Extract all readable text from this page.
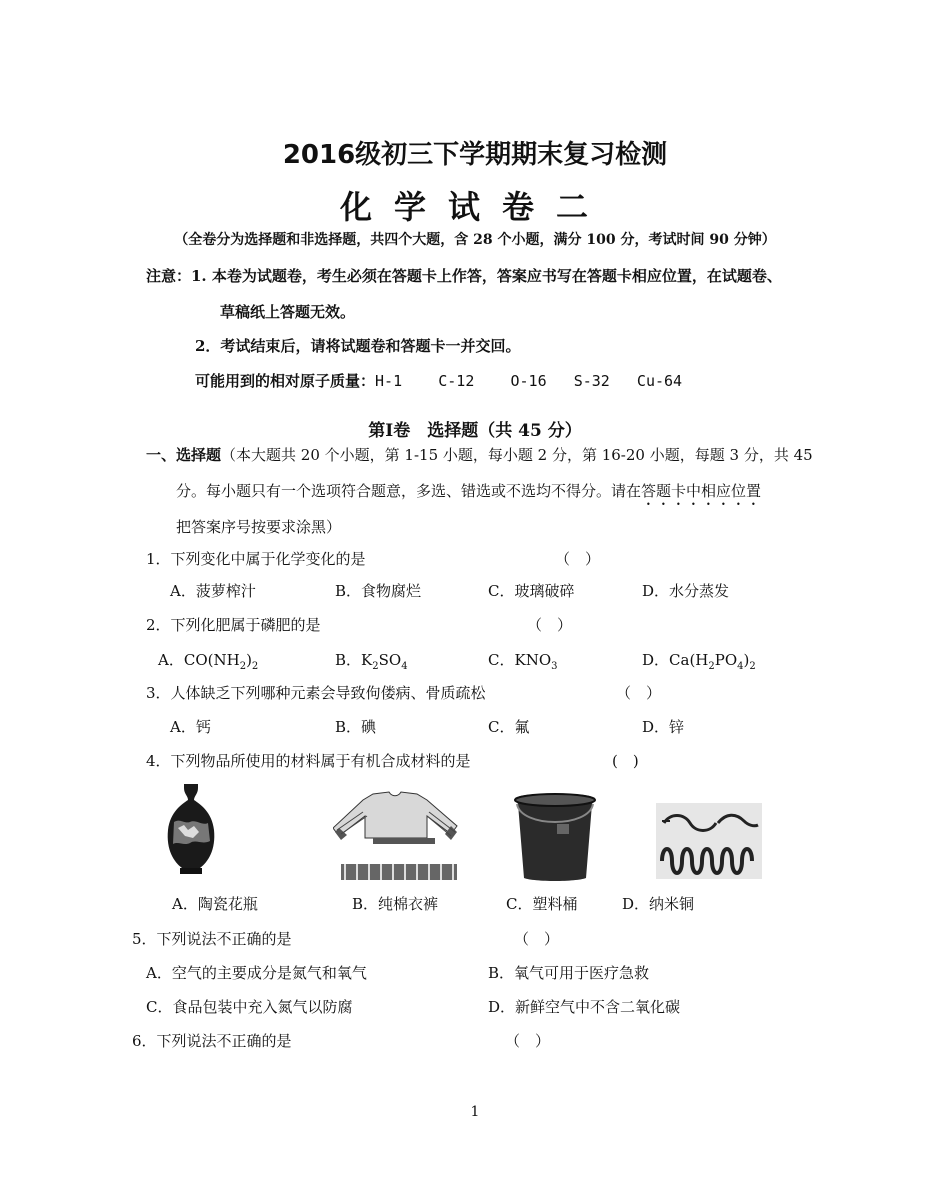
2016级初三下学期期末复习检测
化学试卷二
（全卷分为选择题和非选择题，共四个大题，含 28 个小题，满分 100 分，考试时间 90 分钟）
注意：1. 本卷为试题卷，考生必须在答题卡上作答，答案应书写在答题卡相应位置，在试题卷、
草稿纸上答题无效。
2．考试结束后，请将试题卷和答题卡一并交回。
可能用到的相对原子质量：H-1    C-12    O-16   S-32   Cu-64
第Ⅰ卷　选择题（共 45 分）
一、选择题（本大题共 20 个小题，第 1-15 小题，每小题 2 分，第 16-20 小题，每题 3 分，共 45
分。每小题只有一个选项符合题意，多选、错选或不选均不得分。请在答题卡中相应位置
把答案序号按要求涂黑）
1．下列变化中属于化学变化的是	（　）
A．菠萝榨汁	B．食物腐烂	C．玻璃破碎	D．水分蒸发
2．下列化肥属于磷肥的是	（　）
A．$CO(NH_2)_2$	B．$K_2SO_4$	C．$KNO_3$	D．$Ca(H_2PO_4)_2$
3．人体缺乏下列哪种元素会导致佝偻病、骨质疏松	（　）
A．钙	B．碘	C．氟	D．锌
4．下列物品所使用的材料属于有机合成材料的是	(　)
A．陶瓷花瓶	B．纯棉衣裤	C．塑料桶	D．纳米铜
5．下列说法不正确的是	（　）
A．空气的主要成分是氮气和氧气	B．氧气可用于医疗急救
C．食品包装中充入氮气以防腐	D．新鲜空气中不含二氧化碳
6．下列说法不正确的是	（　）
1
